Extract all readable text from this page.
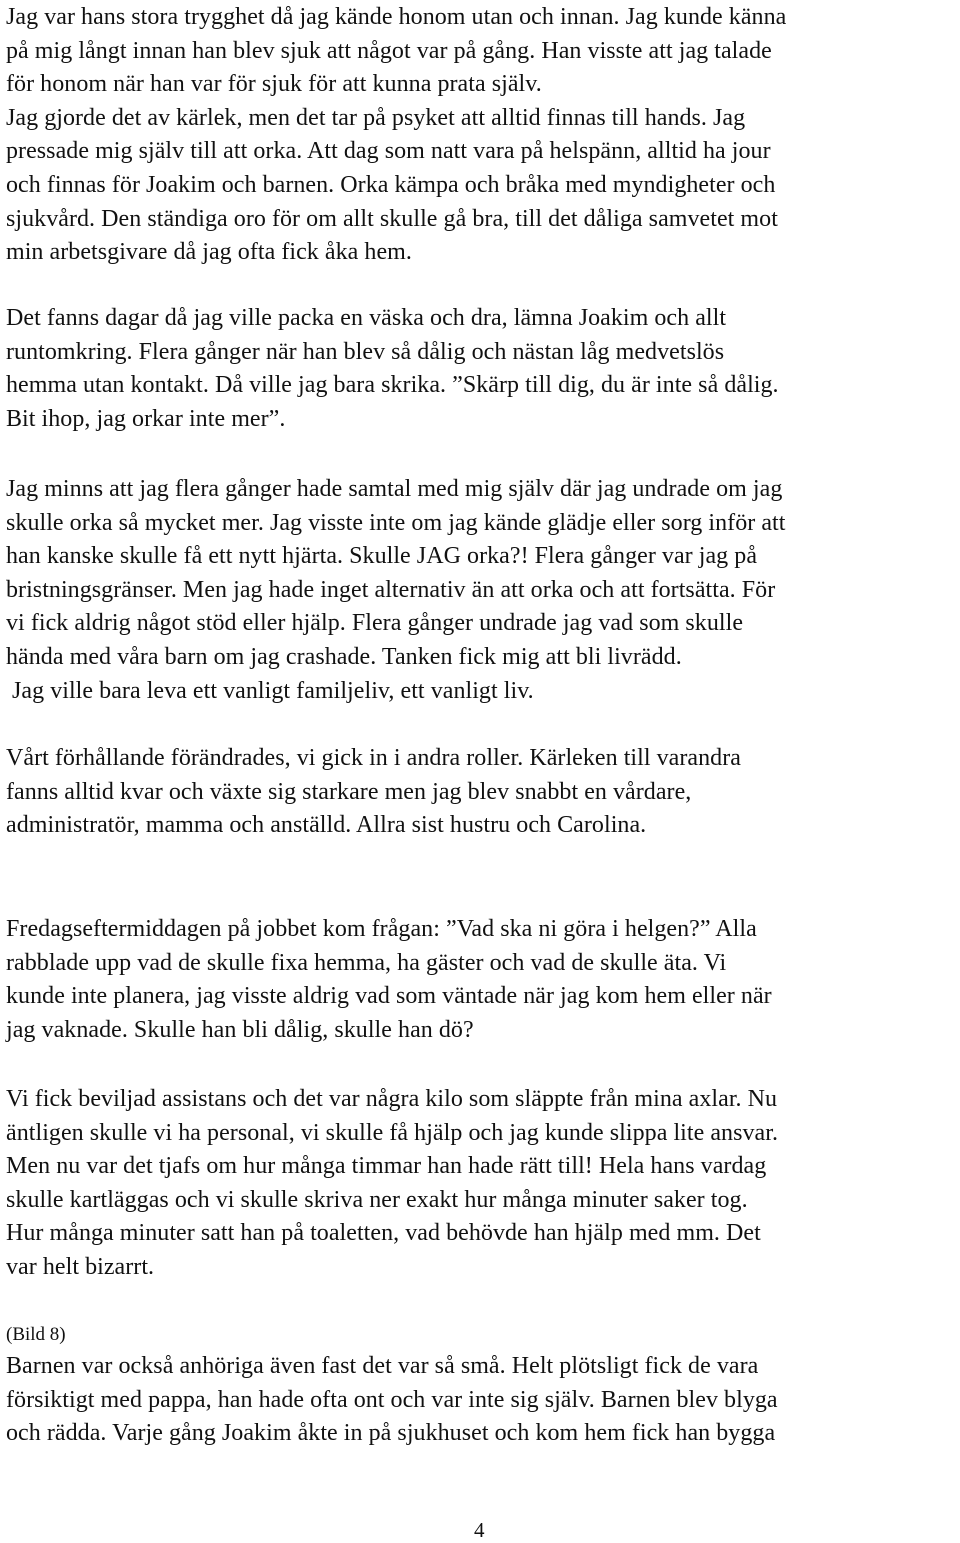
Jag var hans stora trygghet då jag kände honom utan och innan. Jag kunde känna
på mig långt innan han blev sjuk att något var på gång. Han visste att jag talade
för honom när han var för sjuk för att kunna prata själv.
Jag gjorde det av kärlek, men det tar på psyket att alltid finnas till hands. Jag
pressade mig själv till att orka. Att dag som natt vara på helspänn, alltid ha jour
och finnas för Joakim och barnen. Orka kämpa och bråka med myndigheter och
sjukvård. Den ständiga oro för om allt skulle gå bra, till det dåliga samvetet mot
min arbetsgivare då jag ofta fick åka hem.

Det fanns dagar då jag ville packa en väska och dra, lämna Joakim och allt
runtomkring. Flera gånger när han blev så dålig och nästan låg medvetslös
hemma utan kontakt. Då ville jag bara skrika. ”Skärp till dig, du är inte så dålig.
Bit ihop, jag orkar inte mer”.

Jag minns att jag flera gånger hade samtal med mig själv där jag undrade om jag
skulle orka så mycket mer. Jag visste inte om jag kände glädje eller sorg inför att
han kanske skulle få ett nytt hjärta. Skulle JAG orka?! Flera gånger var jag på
bristningsgränser. Men jag hade inget alternativ än att orka och att fortsätta. För
vi fick aldrig något stöd eller hjälp. Flera gånger undrade jag vad som skulle
hända med våra barn om jag crashade. Tanken fick mig att bli livrädd.
Jag ville bara leva ett vanligt familjeliv, ett vanligt liv.

Vårt förhållande förändrades, vi gick in i andra roller. Kärleken till varandra
fanns alltid kvar och växte sig starkare men jag blev snabbt en vårdare,
administratör, mamma och anställd. Allra sist hustru och Carolina.

Fredagseftermiddagen på jobbet kom frågan: ”Vad ska ni göra i helgen?” Alla
rabblade upp vad de skulle fixa hemma, ha gäster och vad de skulle äta. Vi
kunde inte planera, jag visste aldrig vad som väntade när jag kom hem eller när
jag vaknade. Skulle han bli dålig, skulle han dö?

Vi fick beviljad assistans och det var några kilo som släppte från mina axlar. Nu
äntligen skulle vi ha personal, vi skulle få hjälp och jag kunde slippa lite ansvar.
Men nu var det tjafs om hur många timmar han hade rätt till! Hela hans vardag
skulle kartläggas och vi skulle skriva ner exakt hur många minuter saker tog.
Hur många minuter satt han på toaletten, vad behövde han hjälp med mm. Det
var helt bizarrt.

(Bild 8)

Barnen var också anhöriga även fast det var så små. Helt plötsligt fick de vara
försiktigt med pappa, han hade ofta ont och var inte sig själv. Barnen blev blyga
och rädda. Varje gång Joakim åkte in på sjukhuset och kom hem fick han bygga

4
